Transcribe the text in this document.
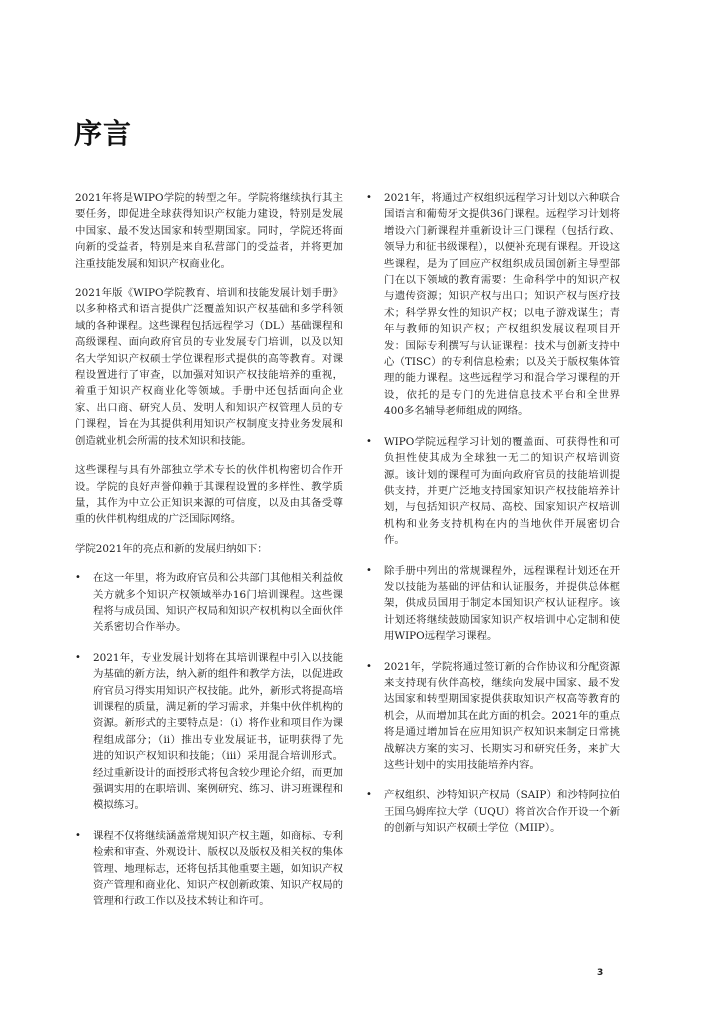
序言

2021年将是WIPO学院的转型之年。学院将继续执行其主要任务，即促进全球获得知识产权能力建设，特别是发展中国家、最不发达国家和转型期国家。同时，学院还将面向新的受益者，特别是来自私营部门的受益者，并将更加注重技能发展和知识产权商业化。

2021年版《WIPO学院教育、培训和技能发展计划手册》以多种格式和语言提供广泛覆盖知识产权基础和多学科领域的各种课程。这些课程包括远程学习（DL）基础课程和高级课程、面向政府官员的专业发展专门培训，以及以知名大学知识产权硕士学位课程形式提供的高等教育。对课程设置进行了审查，以加强对知识产权技能培养的重视，着重于知识产权商业化等领域。手册中还包括面向企业家、出口商、研究人员、发明人和知识产权管理人员的专门课程，旨在为其提供利用知识产权制度支持业务发展和创造就业机会所需的技术知识和技能。

这些课程与具有外部独立学术专长的伙伴机构密切合作开设。学院的良好声誉仰赖于其课程设置的多样性、教学质量，其作为中立公正知识来源的可信度，以及由其备受尊重的伙伴机构组成的广泛国际网络。

学院2021年的亮点和新的发展归纳如下：

• 在这一年里，将为政府官员和公共部门其他相关利益攸关方就多个知识产权领域举办16门培训课程。这些课程将与成员国、知识产权局和知识产权机构以全面伙伴关系密切合作举办。
• 2021年，专业发展计划将在其培训课程中引入以技能为基础的新方法，纳入新的组件和教学方法，以促进政府官员习得实用知识产权技能。此外，新形式将提高培训课程的质量，满足新的学习需求，并集中伙伴机构的资源。新形式的主要特点是：（i）将作业和项目作为课程组成部分；（ii）推出专业发展证书，证明获得了先进的知识产权知识和技能；（iii）采用混合培训形式。经过重新设计的面授形式将包含较少理论介绍，而更加强调实用的在职培训、案例研究、练习、讲习班课程和模拟练习。
• 课程不仅将继续涵盖常规知识产权主题，如商标、专利检索和审查、外观设计、版权以及版权及相关权的集体管理、地理标志，还将包括其他重要主题，如知识产权资产管理和商业化、知识产权创新政策、知识产权局的管理和行政工作以及技术转让和许可。
• 2021年，将通过产权组织远程学习计划以六种联合国语言和葡萄牙文提供36门课程。远程学习计划将增设六门新课程并重新设计三门课程（包括行政、领导力和征书级课程），以便补充现有课程。开设这些课程，是为了回应产权组织成员国创新主导型部门在以下领域的教育需要：生命科学中的知识产权与遗传资源；知识产权与出口；知识产权与医疗技术；科学界女性的知识产权；以电子游戏谋生；青年与教师的知识产权；产权组织发展议程项目开发：国际专利撰写与认证课程：技术与创新支持中心（TISC）的专利信息检索；以及关于版权集体管理的能力课程。这些远程学习和混合学习课程的开设，依托的是专门的先进信息技术平台和全世界400多名辅导老师组成的网络。
• WIPO学院远程学习计划的覆盖面、可获得性和可负担性使其成为全球独一无二的知识产权培训资源。该计划的课程可为面向政府官员的技能培训提供支持，并更广泛地支持国家知识产权技能培养计划，与包括知识产权局、高校、国家知识产权培训机构和业务支持机构在内的当地伙伴开展密切合作。
• 除手册中列出的常规课程外，远程课程计划还在开发以技能为基础的评估和认证服务，并提供总体框架，供成员国用于制定本国知识产权认证程序。该计划还将继续鼓励国家知识产权培训中心定制和使用WIPO远程学习课程。
• 2021年，学院将通过签订新的合作协议和分配资源来支持现有伙伴高校，继续向发展中国家、最不发达国家和转型期国家提供获取知识产权高等教育的机会，从而增加其在此方面的机会。2021年的重点将是通过增加旨在应用知识产权知识来制定日常挑战解决方案的实习、长期实习和研究任务，来扩大这些计划中的实用技能培养内容。
• 产权组织、沙特知识产权局（SAIP）和沙特阿拉伯王国乌姆库拉大学（UQU）将首次合作开设一个新的创新与知识产权硕士学位（MIIP）。
3
